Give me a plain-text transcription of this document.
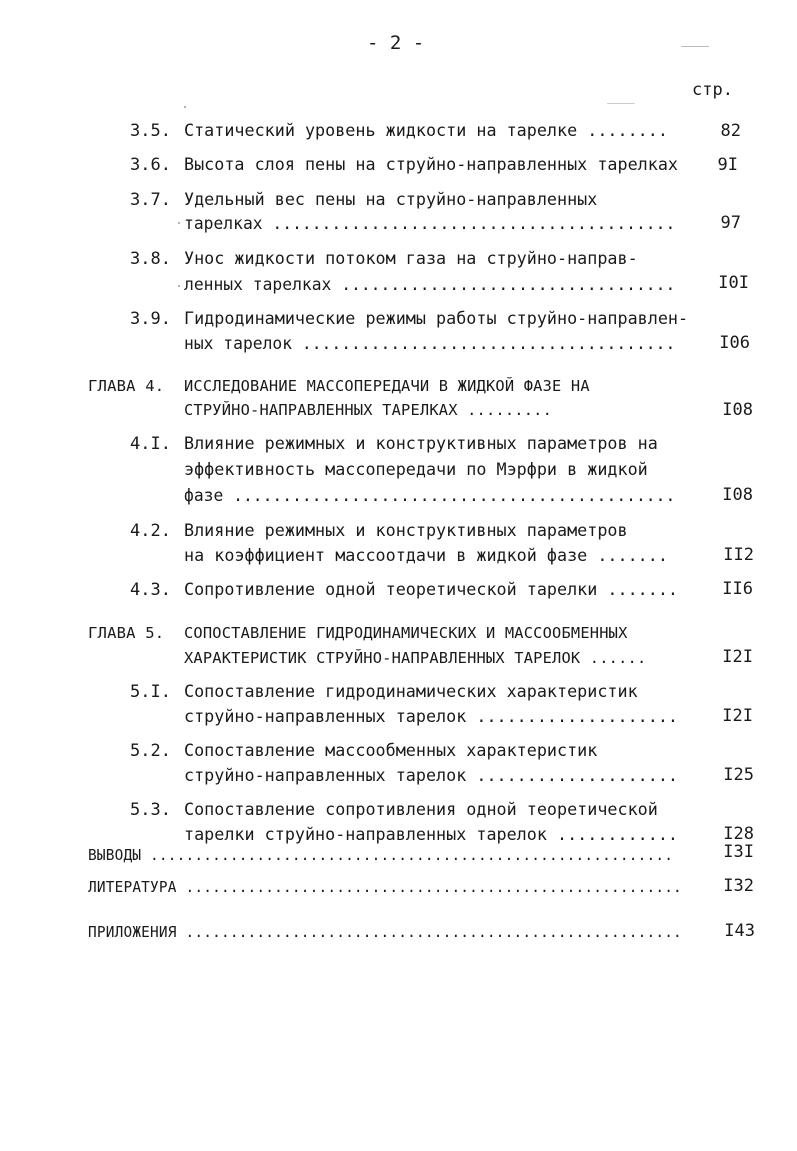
- 2 -
стр.
3.5. Статический уровень жидкости на тарелке ........	82
3.6. Высота слоя пены на струйно-направленных тарелках	9I
3.7. Удельный вес пены на струйно-направленных
тарелках .........................................	97
3.8. Унос жидкости потоком газа на струйно-направ-
ленных тарелках ..................................	I0I
3.9. Гидродинамические режимы работы струйно-направлен-
ных тарелок ......................................	I06
ГЛАВА 4. ИССЛЕДОВАНИЕ МАССОПЕРЕДАЧИ В ЖИДКОЙ ФАЗЕ НА
СТРУЙНО-НАПРАВЛЕННЫХ ТАРЕЛКАХ .........	I08
4.I. Влияние режимных и конструктивных параметров на
эффективность массопередачи по Мэрфри в жидкой
фазе .............................................	I08
4.2. Влияние режимных и конструктивных параметров
на коэффициент массоотдачи в жидкой фазе .......	II2
4.3. Сопротивление одной теоретической тарелки .......	II6
ГЛАВА 5. СОПОСТАВЛЕНИЕ ГИДРОДИНАМИЧЕСКИХ И МАССООБМЕННЫХ
ХАРАКТЕРИСТИК СТРУЙНО-НАПРАВЛЕННЫХ ТАРЕЛОК ......	I2I
5.I. Сопоставление гидродинамических характеристик
струйно-направленных тарелок ....................	I2I
5.2. Сопоставление массообменных характеристик
струйно-направленных тарелок ....................	I25
5.3. Сопоставление сопротивления одной теоретической
тарелки струйно-направленных тарелок ............	I28
ВЫВОДЫ ...........................................................	I3I
ЛИТЕРАТУРА ........................................................	I32
ПРИЛОЖЕНИЯ ........................................................	I43
